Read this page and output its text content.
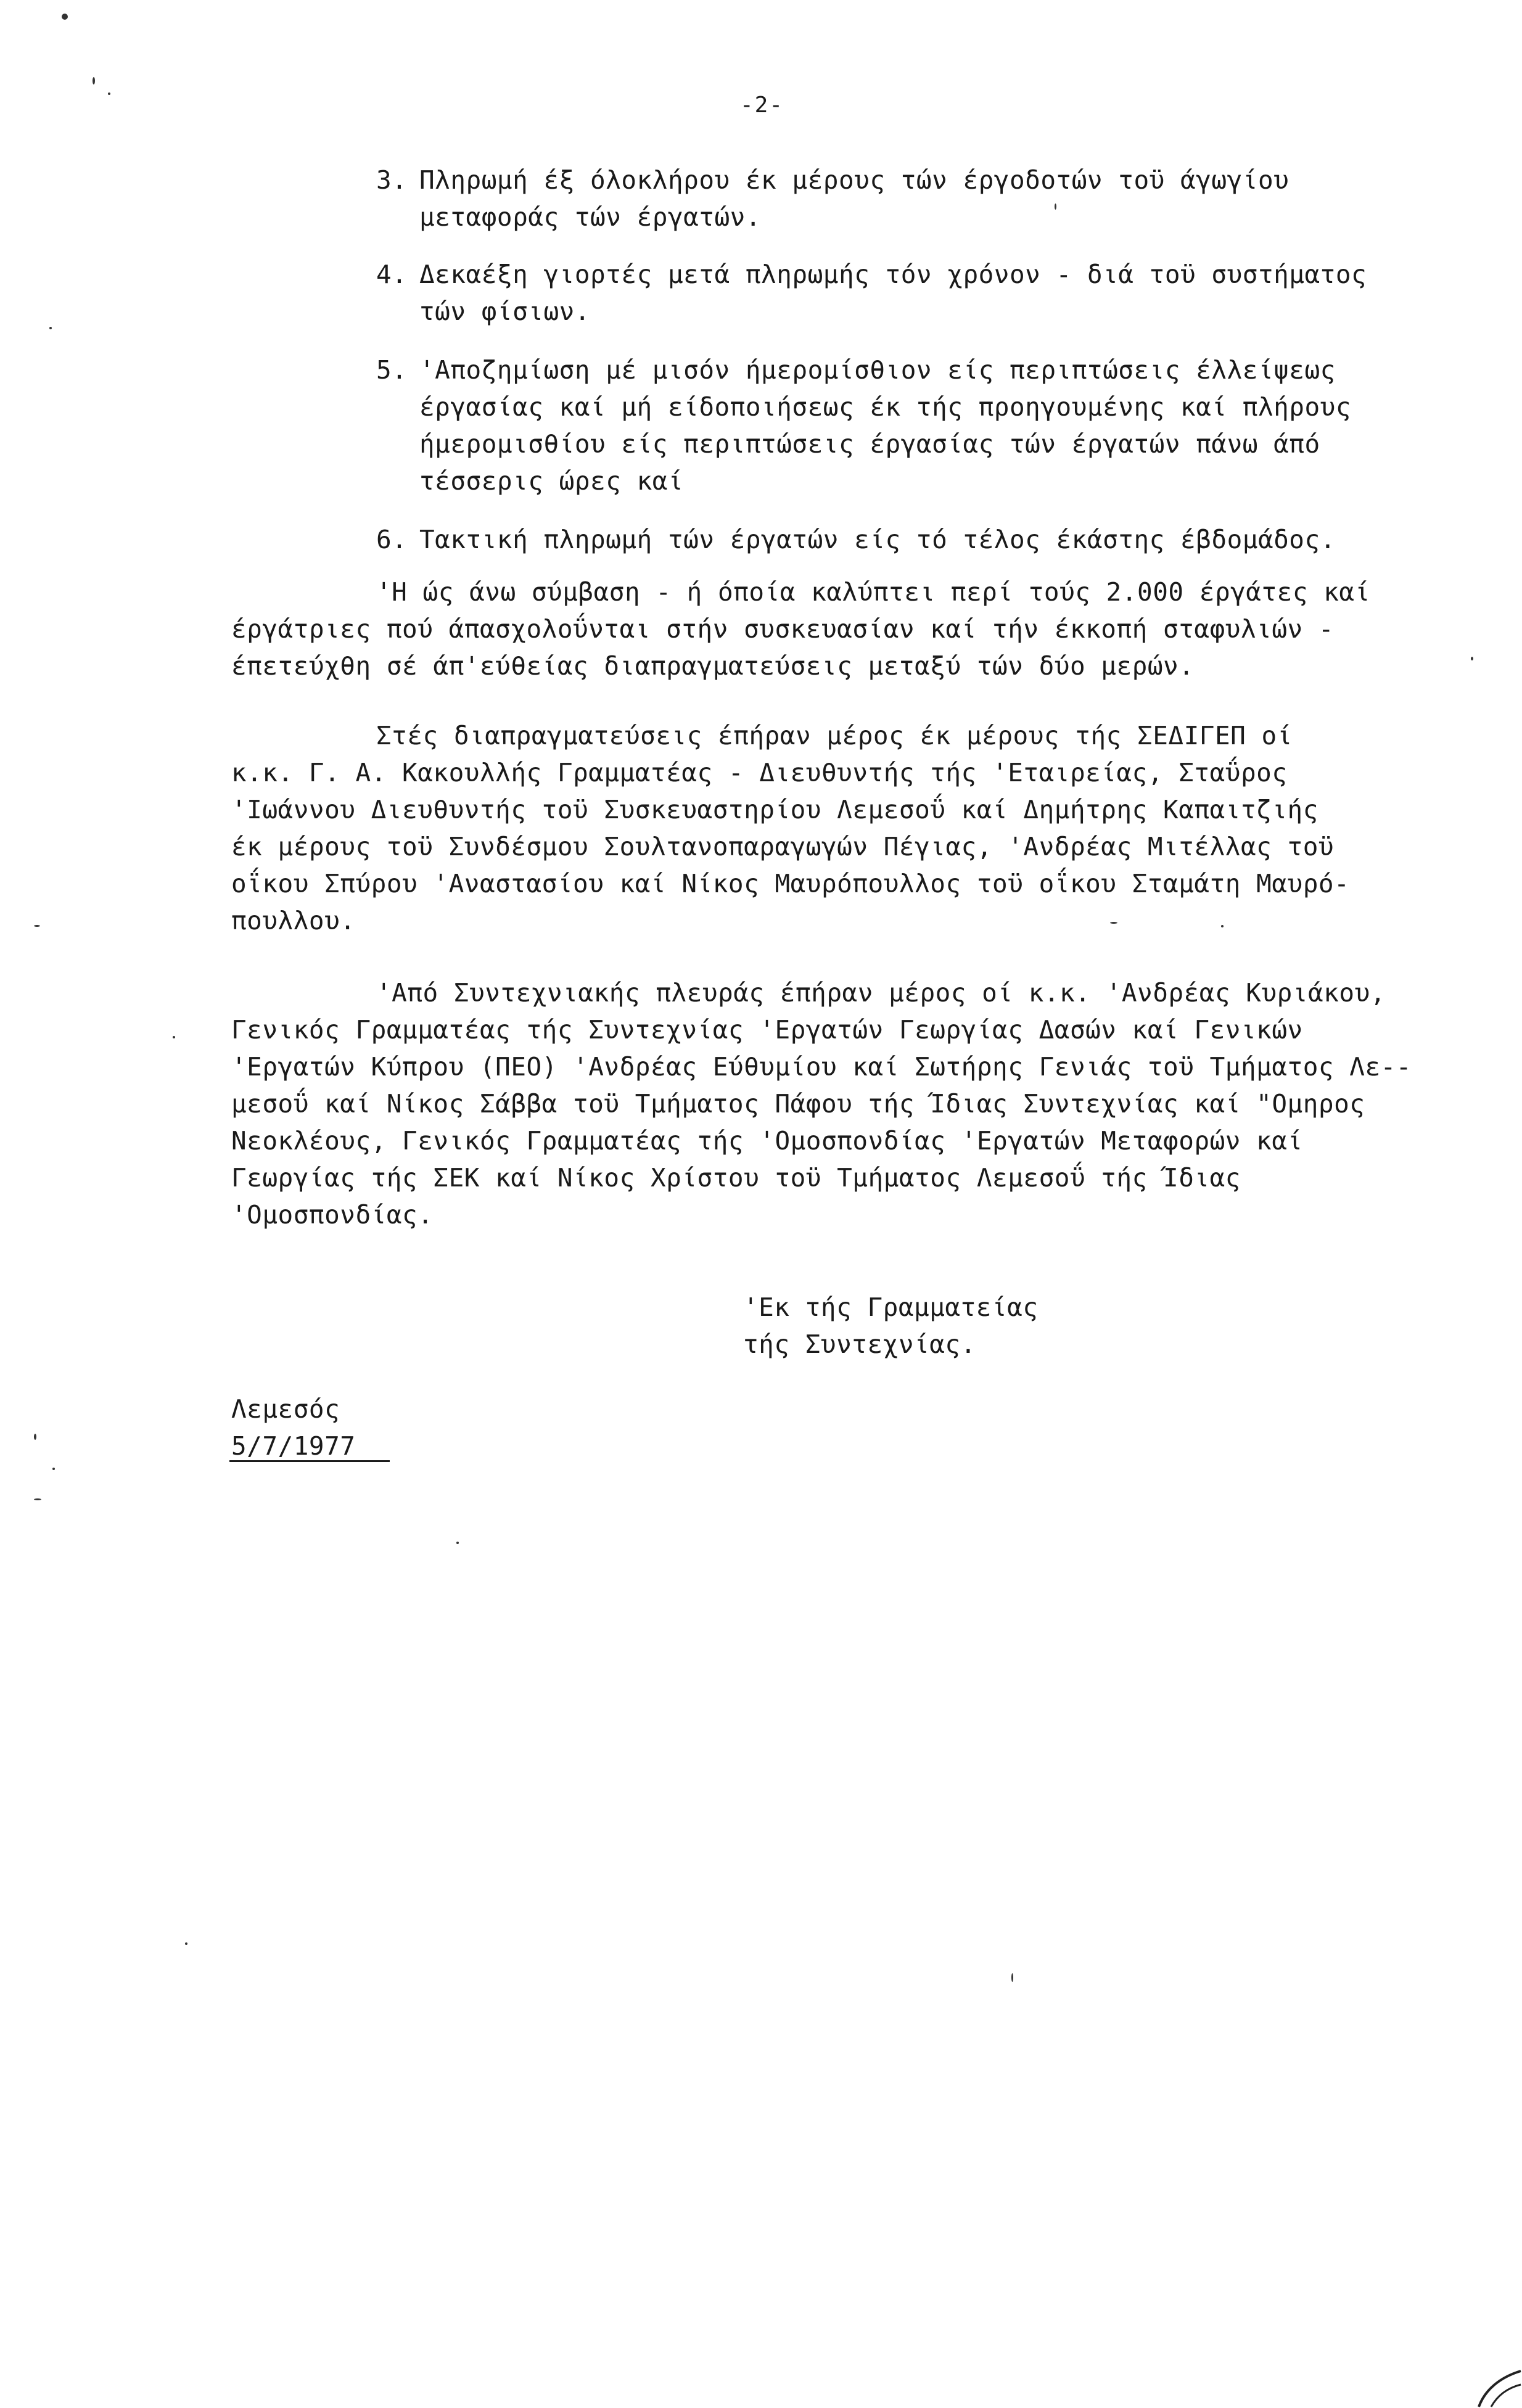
-2-
3. Πληρωμή έξ όλοκλήρου έκ μέρους τών έργοδοτών τοϋ άγωγίου
μεταφοράς τών έργατών.
4. Δεκαέξη γιορτές μετά πληρωμής τόν χρόνον - διά τοϋ συστήματος
τών φίσιων.
5. 'Αποζημίωση μέ μισόν ήμερομίσθιον είς περιπτώσεις έλλείψεως
έργασίας καί μή είδοποιήσεως έκ τής προηγουμένης καί πλήρους
ήμερομισθίου είς περιπτώσεις έργασίας τών έργατών πάνω άπό
τέσσερις ώρες καί
6. Τακτική πληρωμή τών έργατών είς τό τέλος έκάστης έβδομάδος.
'Η ώς άνω σύμβαση - ή όποία καλύπτει περί τούς 2.000 έργάτες καί
έργάτριες πού άπασχολοΰνται στήν συσκευασίαν καί τήν έκκοπή σταφυλιών -
έπετεύχθη σέ άπ'εύθείας διαπραγματεύσεις μεταξύ τών δύο μερών.
Στές διαπραγματεύσεις έπήραν μέρος έκ μέρους τής ΣΕΔΙΓΕΠ οί
κ.κ. Γ. Α. Κακουλλής Γραμματέας - Διευθυντής τής 'Εταιρείας, Σταΰρος
'Ιωάννου Διευθυντής τοϋ Συσκευαστηρίου Λεμεσοΰ καί Δημήτρης Καπαιτζιής
έκ μέρους τοϋ Συνδέσμου Σουλτανοπαραγωγών Πέγιας, 'Ανδρέας Μιτέλλας τοϋ
οΐκου Σπύρου 'Αναστασίου καί Νίκος Μαυρόπουλλος τοϋ οΐκου Σταμάτη Μαυρό-
πουλλου.
'Από Συντεχνιακής πλευράς έπήραν μέρος οί κ.κ. 'Ανδρέας Κυριάκου,
Γενικός Γραμματέας τής Συντεχνίας 'Εργατών Γεωργίας Δασών καί Γενικών
'Εργατών Κύπρου (ΠΕΟ) 'Ανδρέας Εύθυμίου καί Σωτήρης Γενιάς τοϋ Τμήματος Λε--
μεσοΰ καί Νίκος Σάββα τοϋ Τμήματος Πάφου τής Ίδιας Συντεχνίας καί "Ομηρος
Νεοκλέους, Γενικός Γραμματέας τής 'Ομοσπονδίας 'Εργατών Μεταφορών καί
Γεωργίας τής ΣΕΚ καί Νίκος Χρίστου τοϋ Τμήματος Λεμεσοΰ τής Ίδιας
'Ομοσπονδίας.
'Εκ τής Γραμματείας
τής Συντεχνίας.
Λεμεσός
5/7/1977
